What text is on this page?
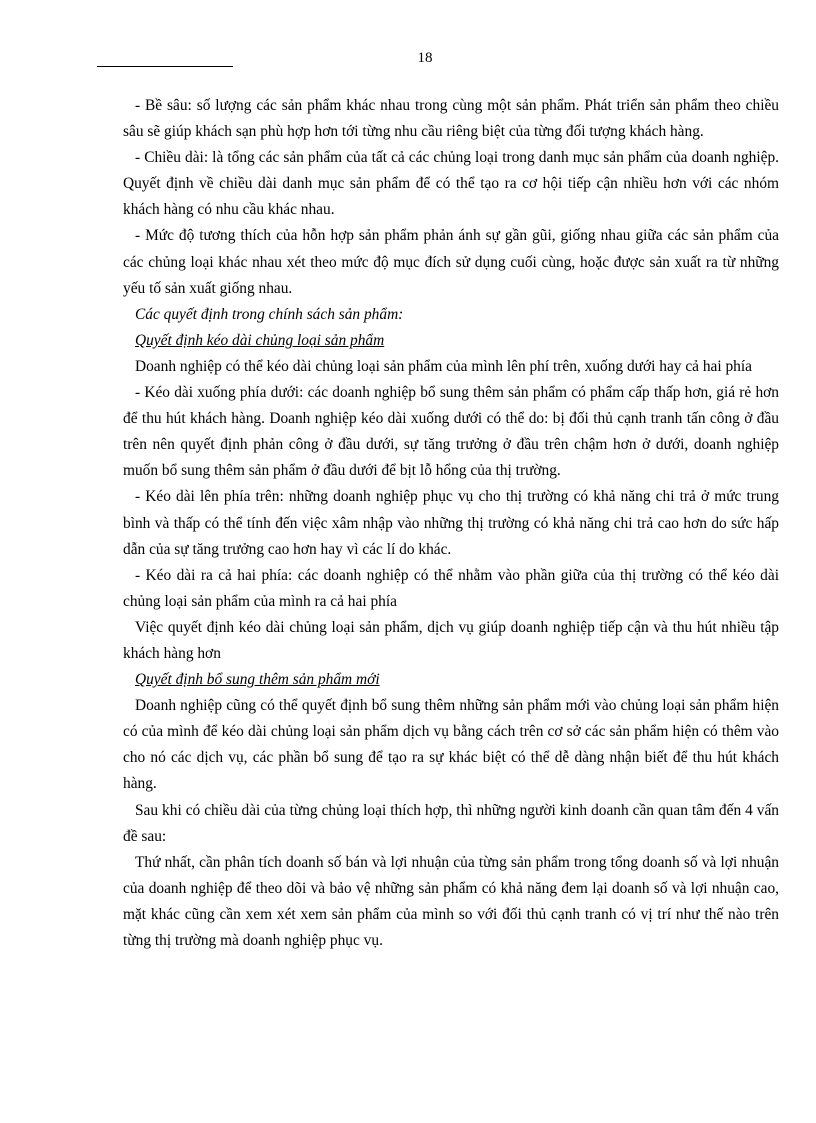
18

- Bề sâu: số lượng các sản phẩm khác nhau trong cùng một sản phẩm. Phát triển sản phẩm theo chiều sâu sẽ giúp khách sạn phù hợp hơn tới từng nhu cầu riêng biệt của từng đối tượng khách hàng.

- Chiều dài: là tổng các sản phẩm của tất cả các chủng loại trong danh mục sản phẩm của doanh nghiệp. Quyết định về chiều dài danh mục sản phẩm để có thể tạo ra cơ hội tiếp cận nhiều hơn với các nhóm khách hàng có nhu cầu khác nhau.

- Mức độ tương thích của hỗn hợp sản phẩm phản ánh sự gần gũi, giống nhau giữa các sản phẩm của các chủng loại khác nhau xét theo mức độ mục đích sử dụng cuối cùng, hoặc được sản xuất ra từ những yếu tố sản xuất giống nhau.

Các quyết định trong chính sách sản phẩm:

Quyết định kéo dài chủng loại sản phẩm

Doanh nghiệp có thể kéo dài chủng loại sản phẩm của mình lên phí trên, xuống dưới hay cả hai phía

- Kéo dài xuống phía dưới: các doanh nghiệp bổ sung thêm sản phẩm có phẩm cấp thấp hơn, giá rẻ hơn để thu hút khách hàng. Doanh nghiệp kéo dài xuống dưới có thể do: bị đối thủ cạnh tranh tấn công ở đầu trên nên quyết định phản công ở đầu dưới, sự tăng trưởng ở đầu trên chậm hơn ở dưới, doanh nghiệp muốn bổ sung thêm sản phẩm ở đầu dưới để bịt lỗ hổng của thị trường.

- Kéo dài lên phía trên: những doanh nghiệp phục vụ cho thị trường có khả năng chi trả ở mức trung bình và thấp có thể tính đến việc xâm nhập vào những thị trường có khả năng chi trả cao hơn do sức hấp dẫn của sự tăng trưởng cao hơn hay vì các lí do khác.

- Kéo dài ra cả hai phía: các doanh nghiệp có thể nhằm vào phần giữa của thị trường có thể kéo dài chủng loại sản phẩm của mình ra cả hai phía

Việc quyết định kéo dài chủng loại sản phẩm, dịch vụ giúp doanh nghiệp tiếp cận và thu hút nhiều tập khách hàng hơn

Quyết định bổ sung thêm sản phẩm mới

Doanh nghiệp cũng có thể quyết định bổ sung thêm những sản phẩm mới vào chủng loại sản phẩm hiện có của mình để kéo dài chủng loại sản phẩm dịch vụ bằng cách trên cơ sở các sản phẩm hiện có thêm vào cho nó các dịch vụ, các phần bổ sung để tạo ra sự khác biệt có thể dễ dàng nhận biết để thu hút khách hàng.

Sau khi có chiều dài của từng chủng loại thích hợp, thì những người kinh doanh cần quan tâm đến 4 vấn đề sau:

Thứ nhất, cần phân tích doanh số bán và lợi nhuận của từng sản phẩm trong tổng doanh số và lợi nhuận của doanh nghiệp để theo dõi và bảo vệ những sản phẩm có khả năng đem lại doanh số và lợi nhuận cao, mặt khác cũng cần xem xét xem sản phẩm của mình so với đối thủ cạnh tranh có vị trí như thế nào trên từng thị trường mà doanh nghiệp phục vụ.
